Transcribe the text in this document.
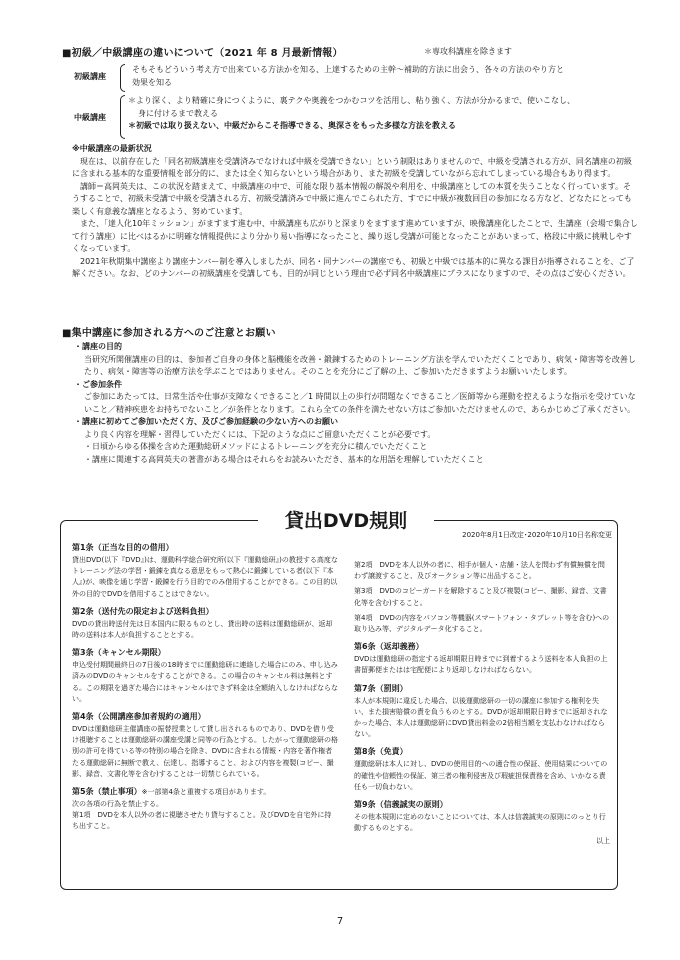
■初級／中級講座の違いについて（2021 年 8 月最新情報）	＊専攻科講座を除きます
初級講座

そもそもどういう考え方で出来ている方法かを知る、上達するための主幹〜補助的方法に出会う、各々の方法のやり方と

効果を知る

中級講座

＊より深く、より精確に身につくように、裏テクや奥義をつかむコツを活用し、粘り強く、方法が分かるまで、使いこなし、

身に付けるまで教える

＊初級では取り扱えない、中級だからこそ指導できる、奥深さをもった多様な方法を教える

※中級講座の最新状況

現在は、以前存在した「同名初級講座を受講済みでなければ中級を受講できない」という制限はありませんので、中級を受講される方が、同名講座の初級に含まれる基本的な重要情報を部分的に、または全く知らないという場合があり、また初級を受講していながら忘れてしまっている場合もあり得ます。

講師＝高岡英夫は、この状況を踏まえて、中級講座の中で、可能な限り基本情報の解説や利用を、中級講座としての本質を失うことなく行っています。そうすることで、初級未受講で中級を受講される方、初級受講済みで中級に進んでこられた方、すでに中級が複数回目の参加になる方など、どなたにとっても楽しく有意義な講座となるよう、努めています。

また、「達人化10年ミッション」がますます進む中、中級講座も広がりと深まりをますます進めていますが、映像講座化したことで、生講座（会場で集合して行う講座）に比べはるかに明確な情報提供により分かり易い指導になったこと、繰り返し受講が可能となったことがあいまって、格段に中級に挑戦しやすくなっています。

2021年秋期集中講座より講座ナンバー制を導入しましたが、同名・同ナンバーの講座でも、初級と中級では基本的に異なる課目が指導されることを、ご了解ください。なお、どのナンバーの初級講座を受講しても、目的が同じという理由で必ず同名中級講座にプラスになりますので、その点はご安心ください。

■集中講座に参加される方へのご注意とお願い

・講座の目的

当研究所開催講座の目的は、参加者ご自身の身体と脳機能を改善・鍛錬するためのトレーニング方法を学んでいただくことであり、病気・障害等を改善したり、病気・障害等の治療方法を学ぶことではありません。そのことを充分にご了解の上、ご参加いただきますようお願いいたします。

・ご参加条件

ご参加にあたっては、日常生活や仕事が支障なくできること／1 時間以上の歩行が問題なくできること／医師等から運動を控えるような指示を受けていないこと／精神疾患をお持ちでないこと／が条件となります。これら全ての条件を満たせない方はご参加いただけませんので、あらかじめご了承ください。

・講座に初めてご参加いただく方、及びご参加経験の少ない方へのお願い

より良く内容を理解・習得していただくには、下記のような点にご留意いただくことが必要です。

・日頃からゆる体操を含めた運動総研メソッドによるトレーニングを充分に積んでいただくこと

・講座に関連する高岡英夫の著書がある場合はそれらをお読みいただき、基本的な用語を理解していただくこと

貸出DVD規則
2020年8月1日改定･2020年10月10日名称変更

第1条（正当な目的の借用）

貸出DVD(以下『DVD』)は、運動科学総合研究所(以下『運動総研』)の教授する高度なトレーニング法の学習・鍛錬を真なる意思をもって熱心に鍛錬している者(以下『本人』)が、映像を通じ学習・鍛錬を行う目的でのみ借用することができる。この目的以外の目的でDVDを借用することはできない。

第2条（送付先の限定および送料負担）

DVDの貸出時送付先は日本国内に限るものとし、貸出時の送料は運動総研が、返却時の送料は本人が負担することとする。

第3条（キャンセル期限）

申込受付期間最終日の7日後の18時までに運動総研に連絡した場合にのみ、申し込み済みのDVDのキャンセルをすることができる。この場合のキャンセル料は無料とする。この期限を過ぎた場合にはキャンセルはできず料金は全額納入しなければならない。

第4条（公開講座参加者規約の適用）

DVDは運動総研主催講座の振替授業として貸し出されるものであり、DVDを借り受け視聴することは運動総研の講座受講と同等の行為とする。したがって運動総研の格別の許可を得ている等の特別の場合を除き、DVDに含まれる情報・内容を著作権者たる運動総研に無断で教え、伝達し、指導すること、および内容を複製(コピー、撮影、録音、文書化等を含む)することは一切禁じられている。

第5条（禁止事項）※一部第4条と重複する項目があります。

次の各項の行為を禁止する。

第1項　DVDを本人以外の者に視聴させたり貸与すること。及びDVDを自宅外に持ち出すこと。

第2項　DVDを本人以外の者に、相手が個人・店舗・法人を問わず有償無償を問わず譲渡すること、及びオークション等に出品すること。

第3項　DVDのコピーガードを解除すること及び複製(コピー、撮影、録音、文書化等を含む)すること。

第4項　DVDの内容をパソコン等機器(スマートフォン・タブレット等を含む)への取り込み等、デジタルデータ化すること。

第6条（返却義務）

DVDは運動総研の指定する返却期限日時までに到着するよう送料を本人負担の上書留郵便またはは宅配便により返却しなければならない。

第7条（罰則）

本人が本規則に違反した場合、以後運動総研の一切の講座に参加する権利を失い、また損害賠償の責を負うものとする。DVDが返却期限日時までに返却されなかった場合、本人は運動総研にDVD貸出料金の2倍相当額を支払わなければならない。

第8条（免責）

運動総研は本人に対し、DVDの使用目的への適合性の保証、使用結果についての的確性や信頼性の保証、第三者の権利侵害及び瑕疵担保責務を含め、いかなる責任も一切負わない。

第9条（信義誠実の原則）

その他本規則に定めのないことについては、本人は信義誠実の原則にのっとり行動するものとする。

以上

7
